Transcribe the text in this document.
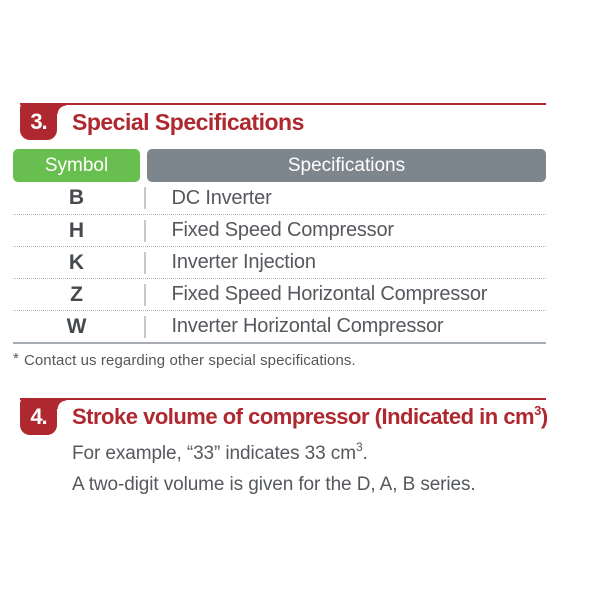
3. Special Specifications
Symbol	Specifications
B	DC Inverter
H	Fixed Speed Compressor
K	Inverter Injection
Z	Fixed Speed Horizontal Compressor
W	Inverter Horizontal Compressor

* Contact us regarding other special specifications.

4. Stroke volume of compressor (Indicated in $cm^3$)

For example, “33” indicates 33 $cm^3$.

A two-digit volume is given for the D, A, B series.
